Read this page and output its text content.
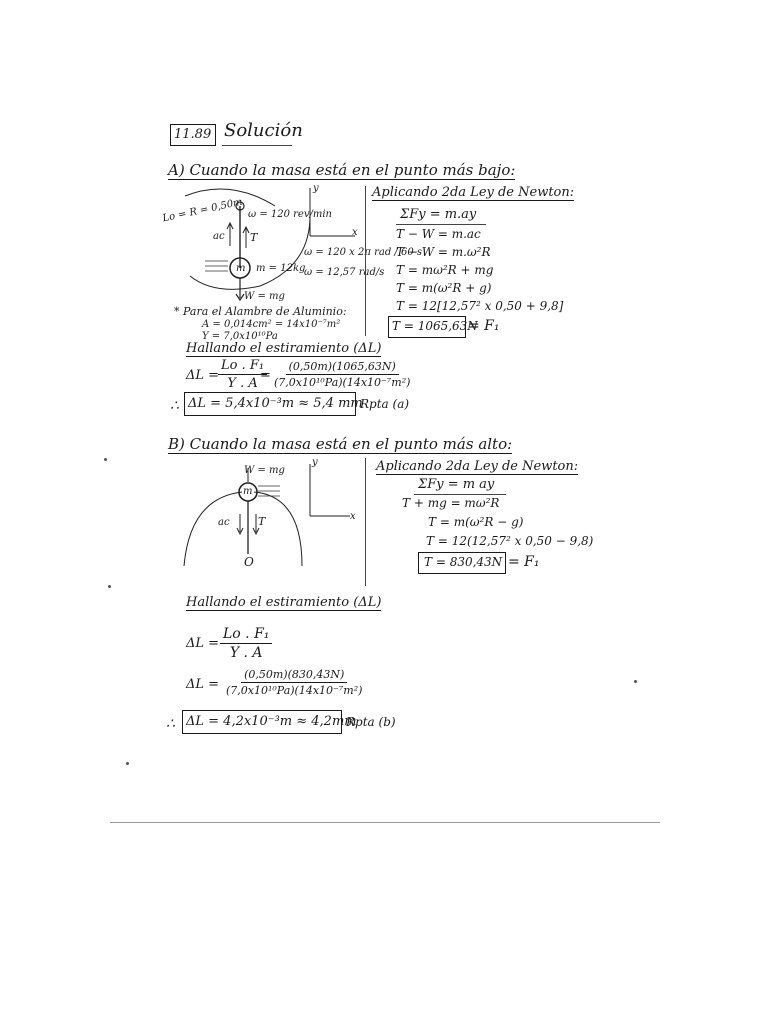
11.89 Solución
A) Cuando la masa está en el punto más bajo:
Lo = R = 0,50m ω = 120 rev/min
ac T
m m = 12kg
W = mg
y
x
ω = 120 x 2π rad / 60 s
ω = 12,57 rad/s
Aplicando 2da Ley de Newton:
ΣFy = m.ay
T − W = m.ac
T − W = m.ω²R
T = mω²R + mg
T = m(ω²R + g)
T = 12[12,57² x 0,50 + 9,8]
T = 1065,63N
= F₁
* Para el Alambre de Aluminio:
A = 0,014cm² = 14x10⁻⁷m²
Y = 7,0x10¹⁰Pa
Hallando el estiramiento (ΔL)
ΔL =
$\frac{\text{Lo . F₁}}{Y . A}$
= $\frac{(0,50m)(1065,63N)}{\text{(7,0x10¹⁰Pa)(14x10⁻⁷m²)}}$
∴ ΔL = 5,4x10⁻³m ≈ 5,4 mm
Rpta (a)
B) Cuando la masa está en el punto más alto:
W = mg
m
ac	T
O
y
x
Aplicando 2da Ley de Newton:
ΣFy = m ay
T + mg = mω²R
T = m(ω²R − g)
T = 12(12,57² x 0,50 − 9,8)
T = 830,43N = F₁
Hallando el estiramiento (ΔL)
$\Delta L = \frac{\text{Lo . F₁}}{Y . A}$
$\Delta L = \frac{(0,50m)(830,43N)}{\text{(7,0x10¹⁰Pa)(14x10⁻⁷m²)}}$
∴ ΔL = 4,2x10⁻³m ≈ 4,2mm
Rpta (b)
